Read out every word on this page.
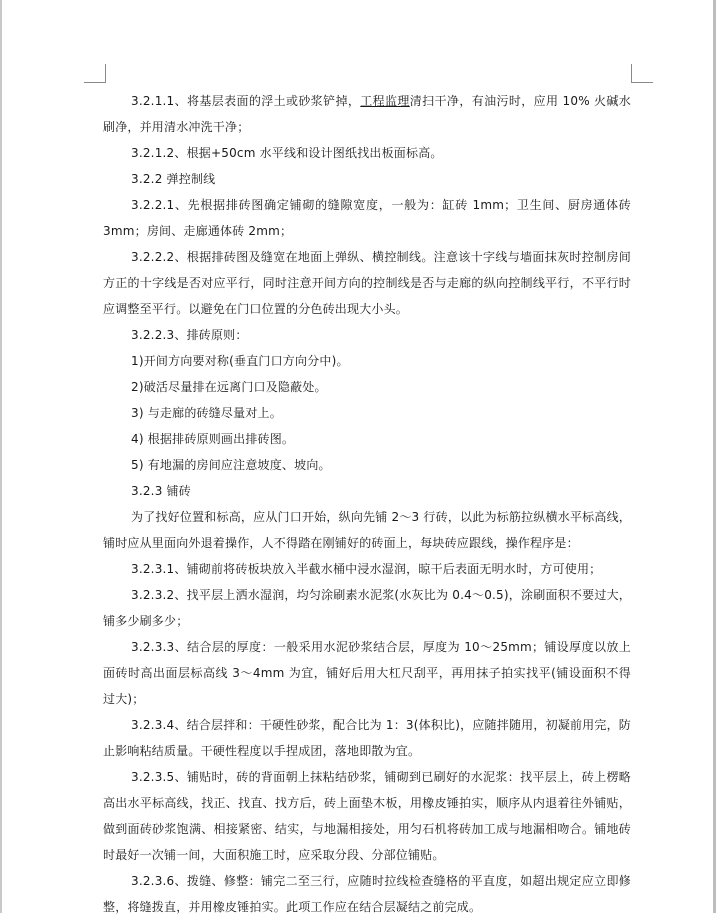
3.2.1.1、将基层表面的浮土或砂浆铲掉，工程监理清扫干净，有油污时，应用 10% 火碱水刷净，并用清水冲洗干净；

3.2.1.2、根据+50cm 水平线和设计图纸找出板面标高。

3.2.2 弹控制线

3.2.2.1、先根据排砖图确定铺砌的缝隙宽度，一般为：缸砖 1mm；卫生间、厨房通体砖 3mm；房间、走廊通体砖 2mm；

3.2.2.2、根据排砖图及缝宽在地面上弹纵、横控制线。注意该十字线与墙面抹灰时控制房间方正的十字线是否对应平行，同时注意开间方向的控制线是否与走廊的纵向控制线平行，不平行时应调整至平行。以避免在门口位置的分色砖出现大小头。

3.2.2.3、排砖原则：

1)开间方向要对称(垂直门口方向分中)。

2)破活尽量排在远离门口及隐蔽处。

3) 与走廊的砖缝尽量对上。

4) 根据排砖原则画出排砖图。

5) 有地漏的房间应注意坡度、坡向。

3.2.3 铺砖

为了找好位置和标高，应从门口开始，纵向先铺 2～3 行砖，以此为标筋拉纵横水平标高线，铺时应从里面向外退着操作，人不得踏在刚铺好的砖面上，每块砖应跟线，操作程序是：

3.2.3.1、铺砌前将砖板块放入半截水桶中浸水湿润，晾干后表面无明水时，方可使用；

3.2.3.2、找平层上洒水湿润，均匀涂刷素水泥浆(水灰比为 0.4～0.5)，涂刷面积不要过大，铺多少刷多少；

3.2.3.3、结合层的厚度：一般采用水泥砂浆结合层，厚度为 10～25mm；铺设厚度以放上面砖时高出面层标高线 3～4mm 为宜，铺好后用大杠尺刮平，再用抹子拍实找平(铺设面积不得过大)；

3.2.3.4、结合层拌和：干硬性砂浆，配合比为 1：3(体积比)，应随拌随用，初凝前用完，防止影响粘结质量。干硬性程度以手捏成团，落地即散为宜。

3.2.3.5、铺贴时，砖的背面朝上抹粘结砂浆，铺砌到已刷好的水泥浆：找平层上，砖上楞略高出水平标高线，找正、找直、找方后，砖上面垫木板，用橡皮锤拍实，顺序从内退着往外铺贴，做到面砖砂浆饱满、相接紧密、结实，与地漏相接处，用匀石机将砖加工成与地漏相吻合。铺地砖时最好一次铺一间，大面积施工时，应采取分段、分部位铺贴。

3.2.3.6、拨缝、修整：铺完二至三行，应随时拉线检查缝格的平直度，如超出规定应立即修整，将缝拨直，并用橡皮锤拍实。此项工作应在结合层凝结之前完成。
